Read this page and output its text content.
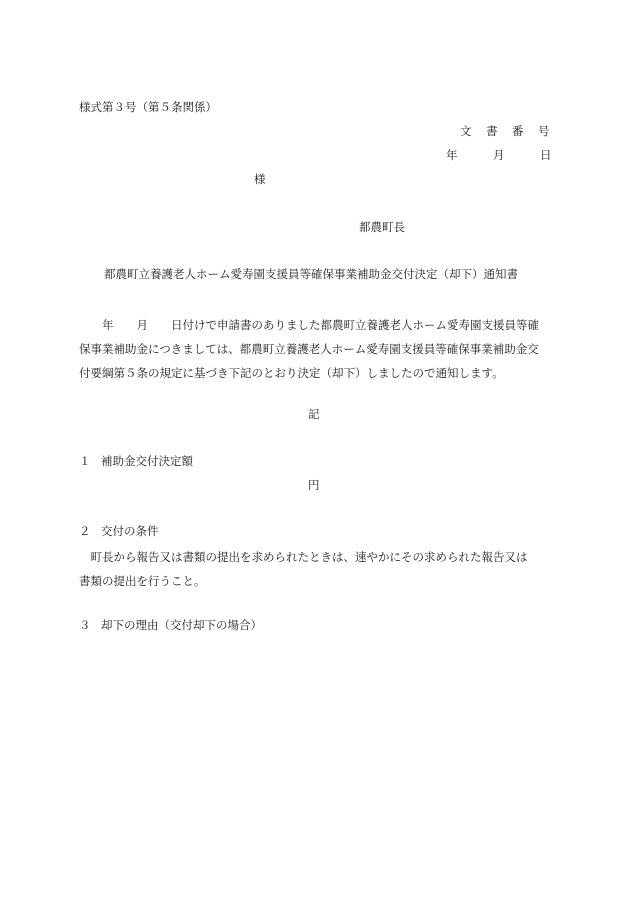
様式第３号（第５条関係）
文 書 番 号
年	月	日
様
都農町長
都農町立養護老人ホーム愛寿園支援員等確保事業補助金交付決定（却下）通知書
　　年　　月　　日付けで申請書のありました都農町立養護老人ホーム愛寿園支援員等確
保事業補助金につきましては、都農町立養護老人ホーム愛寿園支援員等確保事業補助金交
付要綱第５条の規定に基づき下記のとおり決定（却下）しましたので通知します。
記
１ 補助金交付決定額
円
２ 交付の条件
　町長から報告又は書類の提出を求められたときは、速やかにその求められた報告又は
書類の提出を行うこと。
３ 却下の理由（交付却下の場合）
